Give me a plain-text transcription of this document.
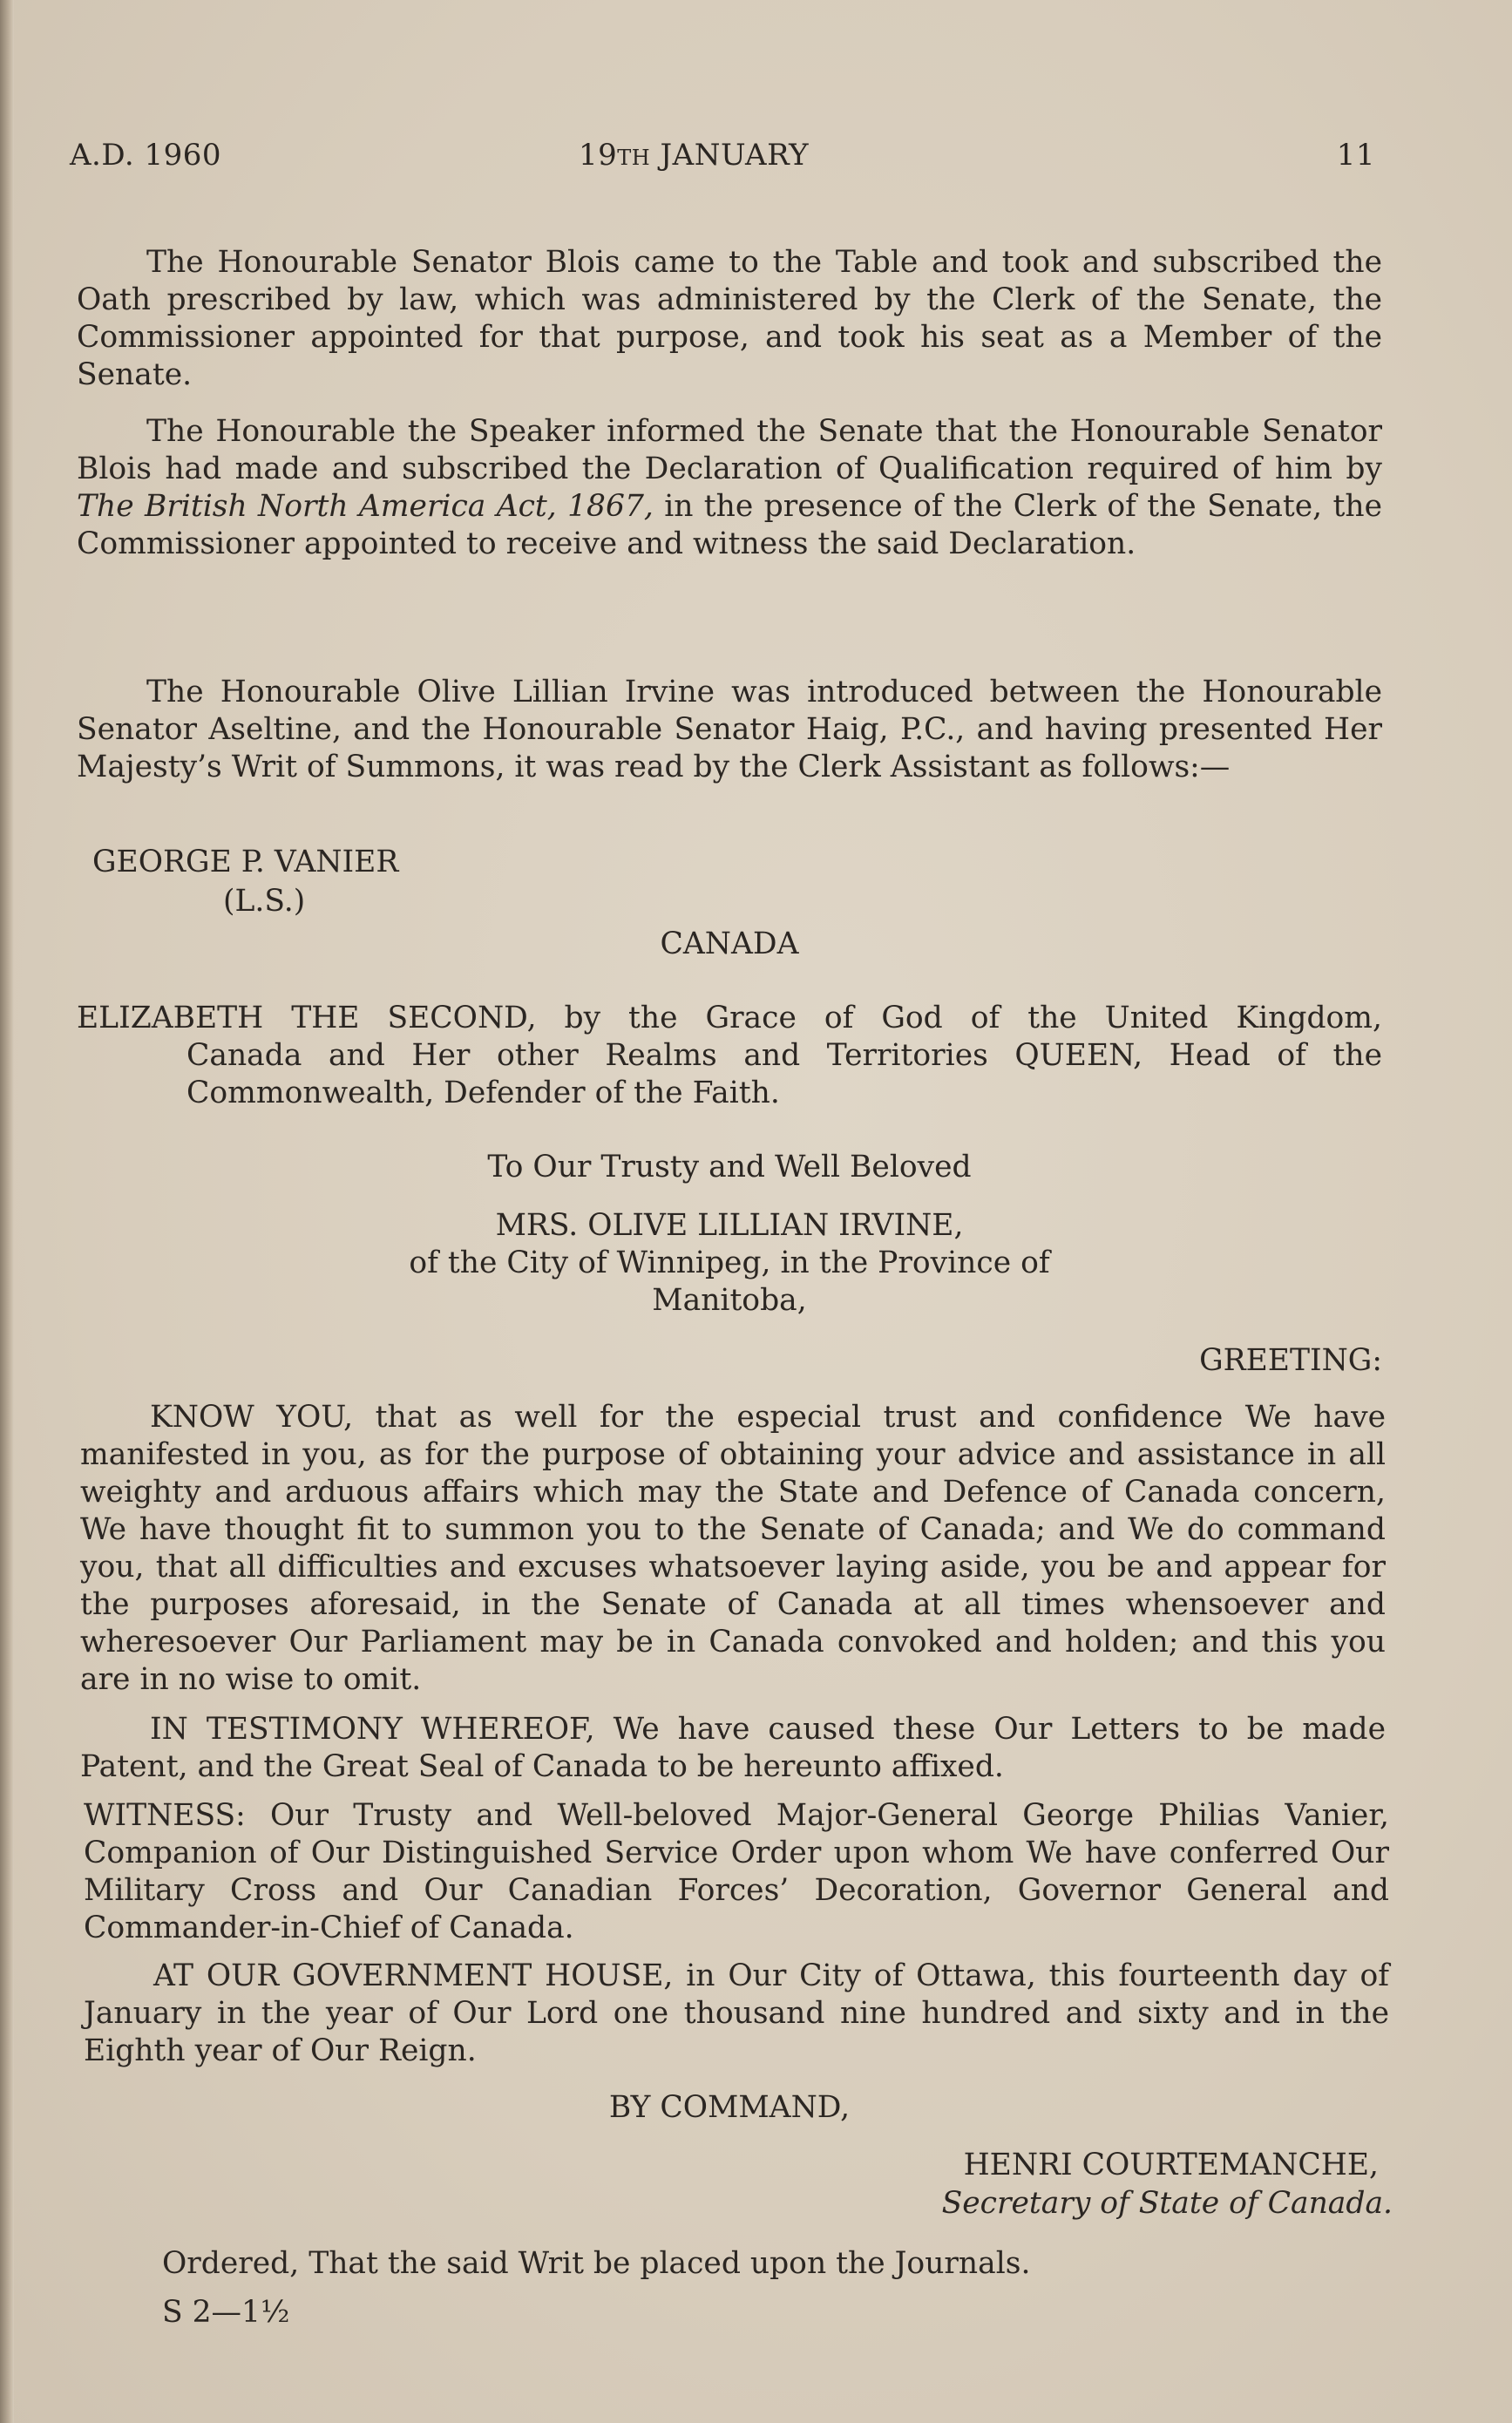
A.D. 1960	19TH JANUARY	11
The Honourable Senator Blois came to the Table and took and subscribed the Oath prescribed by law, which was administered by the Clerk of the Senate, the Commissioner appointed for that purpose, and took his seat as a Member of the Senate.
The Honourable the Speaker informed the Senate that the Honourable Senator Blois had made and subscribed the Declaration of Qualification required of him by The British North America Act, 1867, in the presence of the Clerk of the Senate, the Commissioner appointed to receive and witness the said Declaration.
The Honourable Olive Lillian Irvine was introduced between the Honourable Senator Aseltine, and the Honourable Senator Haig, P.C., and having presented Her Majesty’s Writ of Summons, it was read by the Clerk Assistant as follows:—
GEORGE P. VANIER
(L.S.)
CANADA
ELIZABETH THE SECOND, by the Grace of God of the United Kingdom,
Canada and Her other Realms and Territories QUEEN, Head of the Commonwealth, Defender of the Faith.
To Our Trusty and Well Beloved
MRS. OLIVE LILLIAN IRVINE,
of the City of Winnipeg, in the Province of
Manitoba,
GREETING:
KNOW YOU, that as well for the especial trust and confidence We have manifested in you, as for the purpose of obtaining your advice and assistance in all weighty and arduous affairs which may the State and Defence of Canada concern, We have thought fit to summon you to the Senate of Canada; and We do command you, that all difficulties and excuses whatsoever laying aside, you be and appear for the purposes aforesaid, in the Senate of Canada at all times whensoever and wheresoever Our Parliament may be in Canada convoked and holden; and this you are in no wise to omit.
IN TESTIMONY WHEREOF, We have caused these Our Letters to be made Patent, and the Great Seal of Canada to be hereunto affixed.
WITNESS: Our Trusty and Well-beloved Major-General George Philias Vanier, Companion of Our Distinguished Service Order upon whom We have conferred Our Military Cross and Our Canadian Forces’ Decoration, Governor General and Commander-in-Chief of Canada.
AT OUR GOVERNMENT HOUSE, in Our City of Ottawa, this fourteenth day of January in the year of Our Lord one thousand nine hundred and sixty and in the Eighth year of Our Reign.
BY COMMAND,
HENRI COURTEMANCHE,
Secretary of State of Canada.
Ordered, That the said Writ be placed upon the Journals.
S 2—1½
